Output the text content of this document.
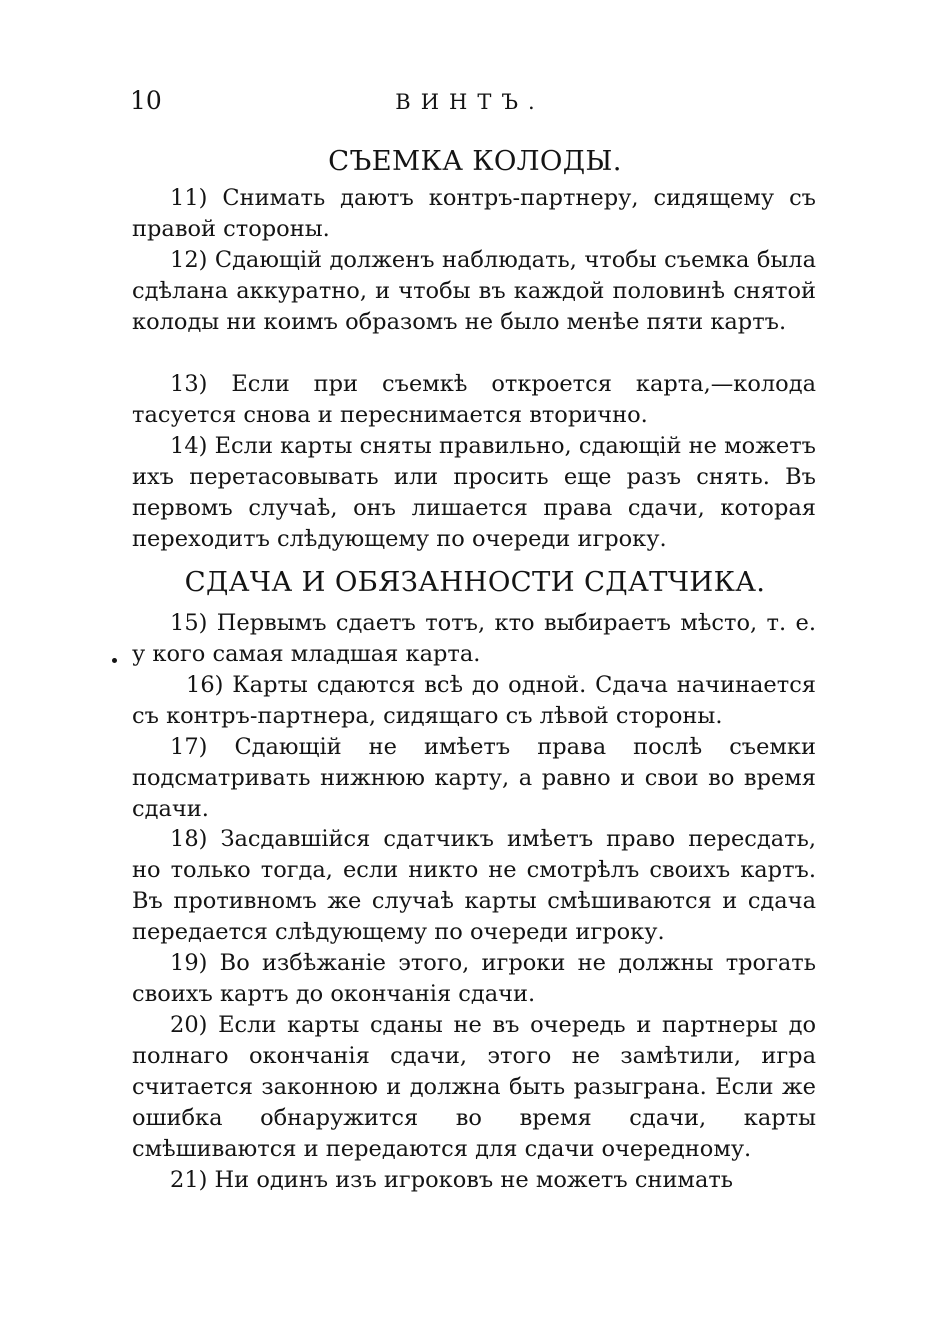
10	ВИНТЪ.
СЪЕМКА КОЛОДЫ.

11) Снимать даютъ контръ-партнеру, сидящему съ правой стороны.

12) Сдающій долженъ наблюдать, чтобы съемка была сдѣлана аккуратно, и чтобы въ каждой половинѣ снятой колоды ни коимъ образомъ не было менѣе пяти картъ.

13) Если при съемкѣ откроется карта,—колода тасуется снова и переснимается вторично.

14) Если карты сняты правильно, сдающій не можетъ ихъ перетасовывать или просить еще разъ снять. Въ первомъ случаѣ, онъ лишается права сдачи, которая переходитъ слѣдующему по очереди игроку.

СДАЧА И ОБЯЗАННОСТИ СДАТЧИКА.

15) Первымъ сдаетъ тотъ, кто выбираетъ мѣсто, т. е. у кого самая младшая карта.

16) Карты сдаются всѣ до одной. Сдача начинается съ контръ-партнера, сидящаго съ лѣвой стороны.

17) Сдающій не имѣетъ права послѣ съемки подсматривать нижнюю карту, а равно и свои во время сдачи.

18) Засдавшійся сдатчикъ имѣетъ право пересдать, но только тогда, если никто не смотрѣлъ своихъ картъ. Въ противномъ же случаѣ карты смѣшиваются и сдача передается слѣдующему по очереди игроку.

19) Во избѣжаніе этого, игроки не должны трогать своихъ картъ до окончанія сдачи.

20) Если карты сданы не въ очередь и партнеры до полнаго окончанія сдачи, этого не замѣтили, игра считается законною и должна быть разыграна. Если же ошибка обнаружится во время сдачи, карты смѣшиваются и передаются для сдачи очередному.

21) Ни одинъ изъ игроковъ не можетъ снимать
